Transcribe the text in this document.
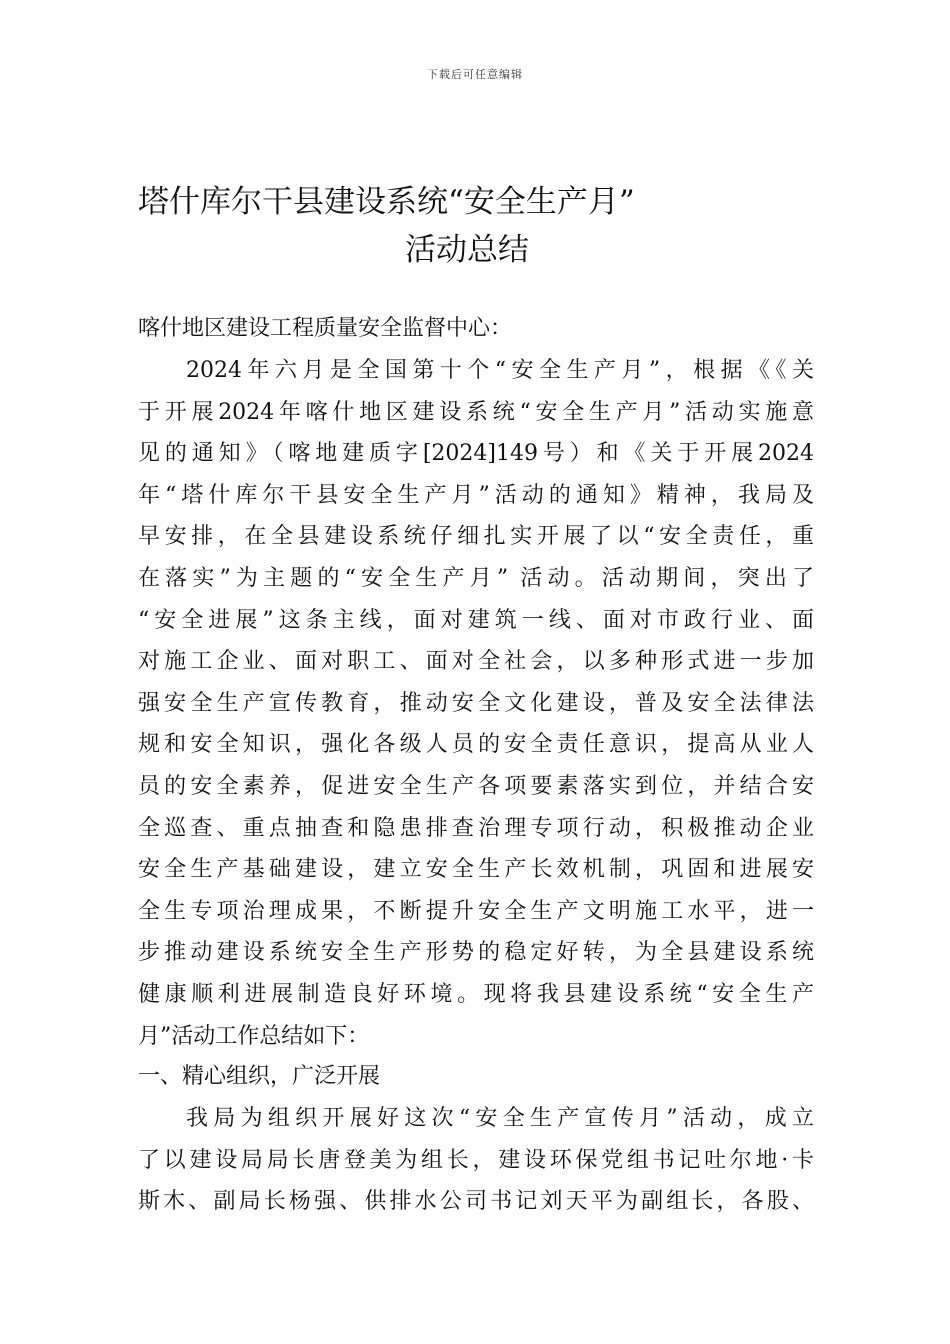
下载后可任意编辑
塔什库尔干县建设系统“安全生产月”
活动总结
喀什地区建设工程质量安全监督中心：
2024年六月是全国第十个“安全生产月”，根据《《关
于开展2024年喀什地区建设系统“安全生产月”活动实施意
见的通知》（喀地建质字[2024]149号）和《关于开展2024
年“塔什库尔干县安全生产月”活动的通知》精神，我局及
早安排，在全县建设系统仔细扎实开展了以“安全责任，重
在落实”为主题的“安全生产月” 活动。活动期间，突出了
“安全进展”这条主线，面对建筑一线、面对市政行业、面
对施工企业、面对职工、面对全社会，以多种形式进一步加
强安全生产宣传教育，推动安全文化建设，普及安全法律法
规和安全知识，强化各级人员的安全责任意识，提高从业人
员的安全素养，促进安全生产各项要素落实到位，并结合安
全巡查、重点抽查和隐患排查治理专项行动，积极推动企业
安全生产基础建设，建立安全生产长效机制，巩固和进展安
全生专项治理成果，不断提升安全生产文明施工水平，进一
步推动建设系统安全生产形势的稳定好转，为全县建设系统
健康顺利进展制造良好环境。现将我县建设系统“安全生产
月”活动工作总结如下：
一、精心组织，广泛开展
我局为组织开展好这次“安全生产宣传月”活动，成立
了以建设局局长唐登美为组长，建设环保党组书记吐尔地·卡
斯木、副局长杨强、供排水公司书记刘天平为副组长，各股、
